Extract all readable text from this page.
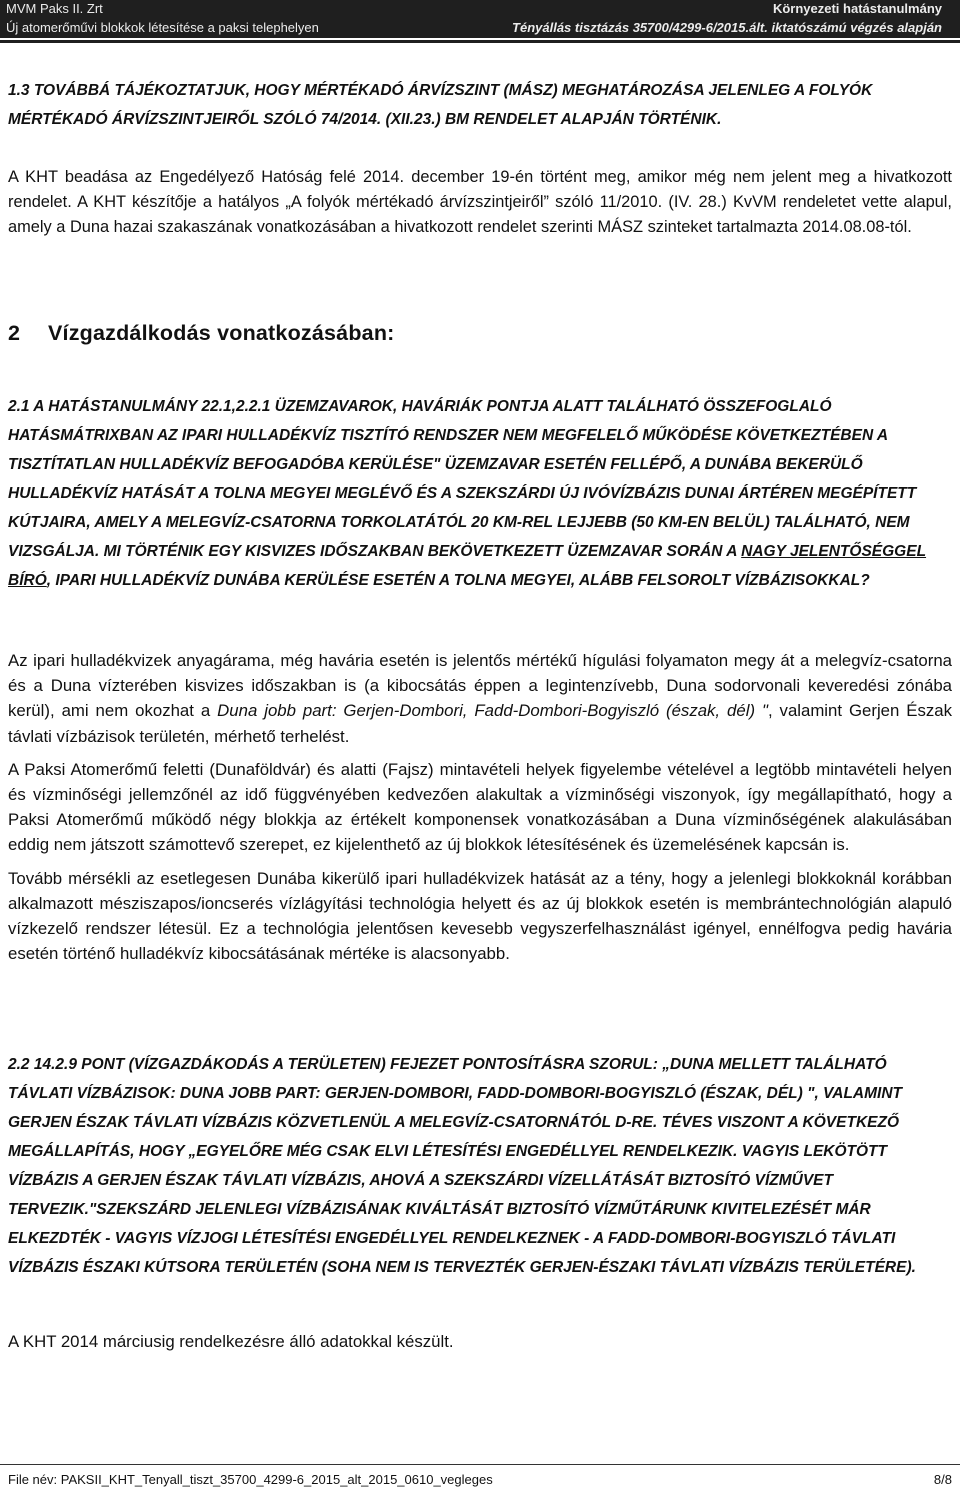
MVM Paks II. Zrt
Új atomerőművi blokkok létesítése a paksi telephelyen
Környezeti hatástanulmány
Tényállás tisztázás 35700/4299-6/2015.ált. iktatószámú végzés alapján
1.3 TOVÁBBÁ TÁJÉKOZTATJUK, HOGY MÉRTÉKADÓ ÁRVÍZSZINT (MÁSZ) MEGHATÁROZÁSA JELENLEG A FOLYÓK
MÉRTÉKADÓ ÁRVÍZSZINTJEIRŐL SZÓLÓ 74/2014. (XII.23.) BM RENDELET ALAPJÁN TÖRTÉNIK.

A KHT beadása az Engedélyező Hatóság felé 2014. december 19-én történt meg, amikor még nem jelent meg a hivatkozott rendelet. A KHT készítője a hatályos „A folyók mértékadó árvízszintjeiről” szóló 11/2010. (IV. 28.) KvVM rendeletet vette alapul, amely a Duna hazai szakaszának vonatkozásában a hivatkozott rendelet szerinti MÁSZ szinteket tartalmazta 2014.08.08-tól.

2 Vízgazdálkodás vonatkozásában:
2.1 A HATÁSTANULMÁNY 22.1,2.2.1 ÜZEMZAVAROK, HAVÁRIÁK PONTJA ALATT TALÁLHATÓ ÖSSZEFOGLALÓ HATÁSMÁTRIXBAN AZ IPARI HULLADÉKVÍZ TISZTÍTÓ RENDSZER NEM MEGFELELŐ MŰKÖDÉSE KÖVETKEZTÉBEN A TISZTÍTATLAN HULLADÉKVÍZ BEFOGADÓBA KERÜLÉSE" ÜZEMZAVAR ESETÉN FELLÉPŐ, A DUNÁBA BEKERÜLŐ HULLADÉKVÍZ HATÁSÁT A TOLNA MEGYEI MEGLÉVŐ ÉS A SZEKSZÁRDI ÚJ IVÓVÍZBÁZIS DUNAI ÁRTÉREN MEGÉPÍTETT KÚTJAIRA, AMELY A MELEGVÍZ-CSATORNA TORKOLATÁTÓL 20 KM-REL LEJJEBB (50 KM-EN BELÜL) TALÁLHATÓ, NEM VIZSGÁLJA. MI TÖRTÉNIK EGY KISVIZES IDŐSZAKBAN BEKÖVETKEZETT ÜZEMZAVAR SORÁN A NAGY JELENTŐSÉGGEL BÍRÓ, IPARI HULLADÉKVÍZ DUNÁBA KERÜLÉSE ESETÉN A TOLNA MEGYEI, ALÁBB FELSOROLT VÍZBÁZISOKKAL?

Az ipari hulladékvizek anyagárama, még havária esetén is jelentős mértékű hígulási folyamaton megy át a melegvíz-csatorna és a Duna vízterében kisvizes időszakban is (a kibocsátás éppen a legintenzívebb, Duna sodorvonali keveredési zónába kerül), ami nem okozhat a Duna jobb part: Gerjen-Dombori, Fadd-Dombori-Bogyiszló (észak, dél) ", valamint Gerjen Észak távlati vízbázisok területén, mérhető terhelést.

A Paksi Atomerőmű feletti (Dunaföldvár) és alatti (Fajsz) mintavételi helyek figyelembe vételével a legtöbb mintavételi helyen és vízminőségi jellemzőnél az idő függvényében kedvezően alakultak a vízminőségi viszonyok, így megállapítható, hogy a Paksi Atomerőmű működő négy blokkja az értékelt komponensek vonatkozásában a Duna vízminőségének alakulásában eddig nem játszott számottevő szerepet, ez kijelenthető az új blokkok létesítésének és üzemelésének kapcsán is.

Tovább mérsékli az esetlegesen Dunába kikerülő ipari hulladékvizek hatását az a tény, hogy a jelenlegi blokkoknál korábban alkalmazott mésziszapos/ioncserés vízlágyítási technológia helyett és az új blokkok esetén is membrántechnológián alapuló vízkezelő rendszer létesül. Ez a technológia jelentősen kevesebb vegyszerfelhasználást igényel, ennélfogva pedig havária esetén történő hulladékvíz kibocsátásának mértéke is alacsonyabb.

2.2 14.2.9 PONT (VÍZGAZDÁKODÁS A TERÜLETEN) FEJEZET PONTOSÍTÁSRA SZORUL: „DUNA MELLETT TALÁLHATÓ TÁVLATI VÍZBÁZISOK: DUNA JOBB PART: GERJEN-DOMBORI, FADD-DOMBORI-BOGYISZLÓ (ÉSZAK, DÉL) ", VALAMINT GERJEN ÉSZAK TÁVLATI VÍZBÁZIS KÖZVETLENÜL A MELEGVÍZ-CSATORNÁTÓL D-RE. TÉVES VISZONT A KÖVETKEZŐ MEGÁLLAPÍTÁS, HOGY „EGYELŐRE MÉG CSAK ELVI LÉTESÍTÉSI ENGEDÉLLYEL RENDELKEZIK. VAGYIS LEKÖTÖTT VÍZBÁZIS A GERJEN ÉSZAK TÁVLATI VÍZBÁZIS, AHOVÁ A SZEKSZÁRDI VÍZELLÁTÁSÁT BIZTOSÍTÓ VÍZMŰVET TERVEZIK."SZEKSZÁRD JELENLEGI VÍZBÁZISÁNAK KIVÁLTÁSÁT BIZTOSÍTÓ VÍZMŰTÁRUNK KIVITELEZÉSÉT MÁR ELKEZDTÉK - VAGYIS VÍZJOGI LÉTESÍTÉSI ENGEDÉLLYEL RENDELKEZNEK - A FADD-DOMBORI-BOGYISZLÓ TÁVLATI VÍZBÁZIS ÉSZAKI KÚTSORA TERÜLETÉN (SOHA NEM IS TERVEZTÉK GERJEN-ÉSZAKI TÁVLATI VÍZBÁZIS TERÜLETÉRE).

A KHT 2014 márciusig rendelkezésre álló adatokkal készült.

File név: PAKSII_KHT_Tenyall_tiszt_35700_4299-6_2015_alt_2015_0610_vegleges	8/8
